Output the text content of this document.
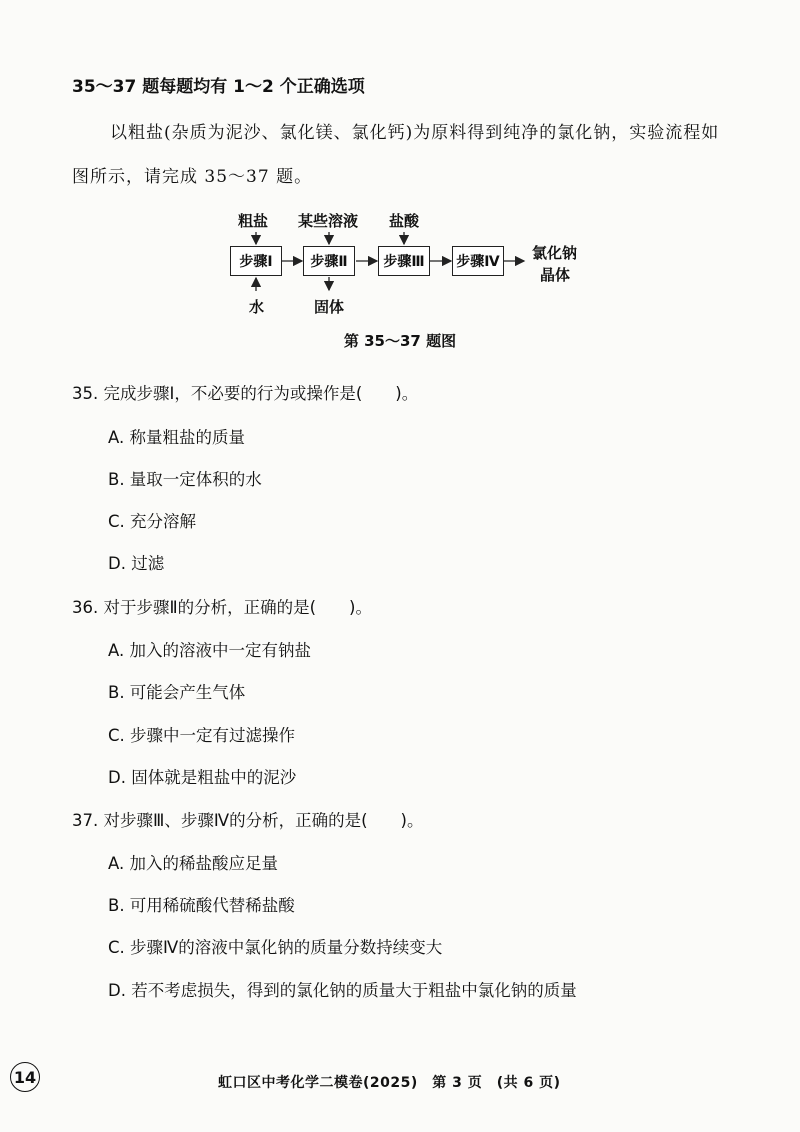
35～37 题每题均有 1～2 个正确选项
以粗盐(杂质为泥沙、氯化镁、氯化钙)为原料得到纯净的氯化钠，实验流程如
图所示，请完成 35～37 题。
粗盐 某些溶液 盐酸
步骤Ⅰ	步骤Ⅱ	步骤Ⅲ	步骤Ⅳ
水	固体
氯化钠
晶体
第 35～37 题图
35. 完成步骤Ⅰ，不必要的行为或操作是(　　)。
A. 称量粗盐的质量
B. 量取一定体积的水
C. 充分溶解
D. 过滤
36. 对于步骤Ⅱ的分析，正确的是(　　)。
A. 加入的溶液中一定有钠盐
B. 可能会产生气体
C. 步骤中一定有过滤操作
D. 固体就是粗盐中的泥沙
37. 对步骤Ⅲ、步骤Ⅳ的分析，正确的是(　　)。
A. 加入的稀盐酸应足量
B. 可用稀硫酸代替稀盐酸
C. 步骤Ⅳ的溶液中氯化钠的质量分数持续变大
D. 若不考虑损失，得到的氯化钠的质量大于粗盐中氯化钠的质量
14	虹口区中考化学二模卷(2025)　第 3 页　(共 6 页)
